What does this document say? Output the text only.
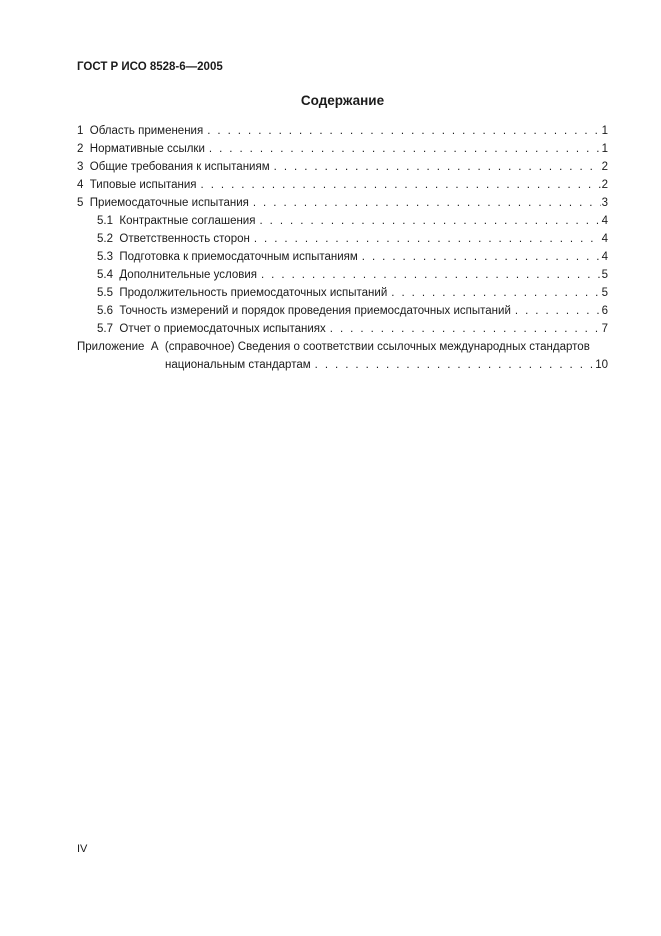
ГОСТ Р ИСО 8528-6—2005
Содержание
1  Область применения .....	1
2  Нормативные ссылки .....	1
3  Общие требования к испытаниям .....	2
4  Типовые испытания .....	2
5  Приемосдаточные испытания .....	3
5.1  Контрактные соглашения .....	4
5.2  Ответственность сторон .....	4
5.3  Подготовка к приемосдаточным испытаниям .....	4
5.4  Дополнительные условия .....	5
5.5  Продолжительность приемосдаточных испытаний .....	5
5.6  Точность измерений и порядок проведения приемосдаточных испытаний .....	6
5.7  Отчет о приемосдаточных испытаниях .....	7
Приложение  А  (справочное) Сведения о соответствии ссылочных международных стандартов
национальным стандартам .....	10
IV
